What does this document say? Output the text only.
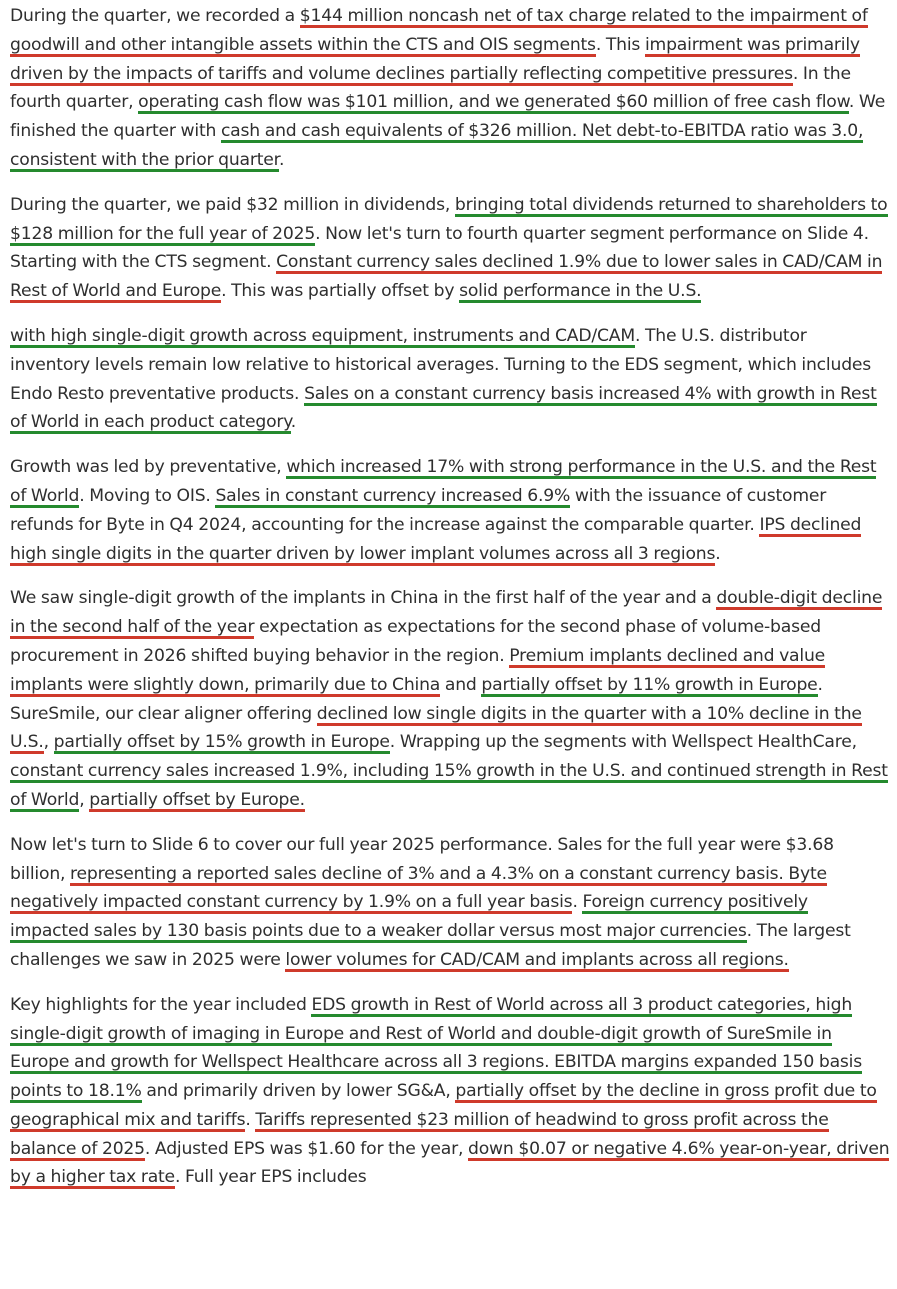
During the quarter, we recorded a $144 million noncash net of tax charge related to the impairment of goodwill and other intangible assets within the CTS and OIS segments. This impairment was primarily driven by the impacts of tariffs and volume declines partially reflecting competitive pressures. In the fourth quarter, operating cash flow was $101 million, and we generated $60 million of free cash flow. We finished the quarter with cash and cash equivalents of $326 million. Net debt-to-EBITDA ratio was 3.0, consistent with the prior quarter.

During the quarter, we paid $32 million in dividends, bringing total dividends returned to shareholders to $128 million for the full year of 2025. Now let's turn to fourth quarter segment performance on Slide 4. Starting with the CTS segment. Constant currency sales declined 1.9% due to lower sales in CAD/CAM in Rest of World and Europe. This was partially offset by solid performance in the U.S.

with high single-digit growth across equipment, instruments and CAD/CAM. The U.S. distributor inventory levels remain low relative to historical averages. Turning to the EDS segment, which includes Endo Resto preventative products. Sales on a constant currency basis increased 4% with growth in Rest of World in each product category.

Growth was led by preventative, which increased 17% with strong performance in the U.S. and the Rest of World. Moving to OIS. Sales in constant currency increased 6.9% with the issuance of customer refunds for Byte in Q4 2024, accounting for the increase against the comparable quarter. IPS declined high single digits in the quarter driven by lower implant volumes across all 3 regions.

We saw single-digit growth of the implants in China in the first half of the year and a double-digit decline in the second half of the year expectation as expectations for the second phase of volume-based procurement in 2026 shifted buying behavior in the region. Premium implants declined and value implants were slightly down, primarily due to China and partially offset by 11% growth in Europe. SureSmile, our clear aligner offering declined low single digits in the quarter with a 10% decline in the U.S., partially offset by 15% growth in Europe. Wrapping up the segments with Wellspect HealthCare, constant currency sales increased 1.9%, including 15% growth in the U.S. and continued strength in Rest of World, partially offset by Europe.

Now let's turn to Slide 6 to cover our full year 2025 performance. Sales for the full year were $3.68 billion, representing a reported sales decline of 3% and a 4.3% on a constant currency basis. Byte negatively impacted constant currency by 1.9% on a full year basis. Foreign currency positively impacted sales by 130 basis points due to a weaker dollar versus most major currencies. The largest challenges we saw in 2025 were lower volumes for CAD/CAM and implants across all regions.

Key highlights for the year included EDS growth in Rest of World across all 3 product categories, high single-digit growth of imaging in Europe and Rest of World and double-digit growth of SureSmile in Europe and growth for Wellspect Healthcare across all 3 regions. EBITDA margins expanded 150 basis points to 18.1% and primarily driven by lower SG&A, partially offset by the decline in gross profit due to geographical mix and tariffs. Tariffs represented $23 million of headwind to gross profit across the balance of 2025. Adjusted EPS was $1.60 for the year, down $0.07 or negative 4.6% year-on-year, driven by a higher tax rate. Full year EPS includes
